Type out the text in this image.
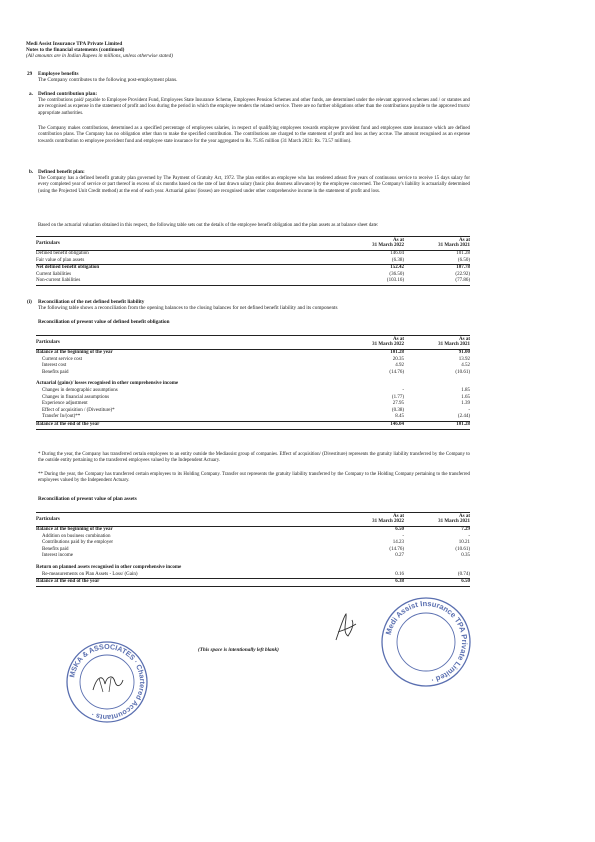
Medi Assist Insurance TPA Private Limited
Notes to the financial statements (continued)
(All amounts are in Indian Rupees in millions, unless otherwise stated)
29 Employee benefits
The Company contributes to the following post-employment plans.
a. Defined contribution plan:
The contributions paid/ payable to Employee Provident Fund, Employees State Insurance Scheme, Employees Pension Schemes and other funds, are determined under the relevant approved schemes and / or statutes and are recognised as expense in the statement of profit and loss during the period in which the employee renders the related service. There are no further obligations other than the contributions payable to the approved trusts/ appropriate authorities.
The Company makes contributions, determined as a specified percentage of employees salaries, in respect of qualifying employees towards employee provident fund and employees state insurance which are defined contribution plans. The Company has no obligation other than to make the specified contribution. The contributions are charged to the statement of profit and loss as they accrue. The amount recognised as an expense towards contribution to employee provident fund and employee state insurance for the year aggregated to Rs. 75.85 million (31 March 2021: Rs. 73.57 million).
b. Defined benefit plan:
The Company has a defined benefit gratuity plan governed by The Payment of Gratuity Act, 1972. The plan entitles an employee who has rendered atleast five years of continuous service to receive 15 days salary for every completed year of service or part thereof in excess of six months based on the rate of last drawn salary (basic plus dearness allowance) by the employee concerned. The Company's liability is actuarially determined (using the Projected Unit Credit method) at the end of each year. Actuarial gains/ (losses) are recognised under other comprehensive income in the statement of profit and loss.
Based on the actuarial valuation obtained in this respect, the following table sets out the details of the employee benefit obligation and the plan assets as at balance sheet date:
Particulars
As at
31 March 2022
As at
31 March 2021
Defined benefit obligation	146.04	101.28
Fair value of plan assets	(6.38)	(6.50)
Net defined benefit obligation	152.42	107.78
Current liabilities	(36.50)	(22.92)
Non-current liabilities	(103.16)	(77.86)
(i) Reconciliation of the net defined benefit liability
The following table shows a reconciliation from the opening balances to the closing balances for net defined benefit liability and its components
Reconciliation of present value of defined benefit obligation
Particulars
As at
31 March 2022
As at
31 March 2021
Balance at the beginning of the year	101.28	91.00
Current service cost	20.35	13.92
Interest cost	4.92	4.52
Benefits paid	(14.76)	(10.61)
Actuarial (gains)/ losses recognised in other comprehensive income
Changes in demographic assumptions	-	1.85
Changes in financial assumptions	(1.77)	1.65
Experience adjustment	27.95	1.39
Effect of acquisition / (Divestiture)*	(0.38)	-
Transfer In/(out)**	8.45	(2.44)
Balance at the end of the year	146.04	101.28
* During the year, the Company has transferred certain employees to an entity outside the Mediassist group of companies. Effect of acquisition/ (Divestiture) represents the gratuity liability transferred by the Company to the outside entity pertaining to the transferred employees valued by the Independent Actuary.
** During the year, the Company has transferred certain employees to its Holding Company. Transfer out represents the gratuity liability transferred by the Company to the Holding Company pertaining to the transferred employees valued by the Independent Actuary.
Reconciliation of present value of plan assets
Particulars
As at
31 March 2022
As at
31 March 2021
Balance at the beginning of the year	6.50	7.29
Addition on business combination	-	-
Contributions paid by the employer	14.23	10.21
Benefits paid	(14.76)	(10.61)
Interest income	0.27	0.35
Return on planned assets recognised in other comprehensive income
Re-measurements on Plan Assets - Loss/ (Gain)	0.16	(0.74)
Balance at the end of the year	6.38	6.50
(This space is intentionally left blank)
MSKA & ASSOCIATES · Chartered Accountants ·
Medi Assist Insurance TPA Private Limited ·
